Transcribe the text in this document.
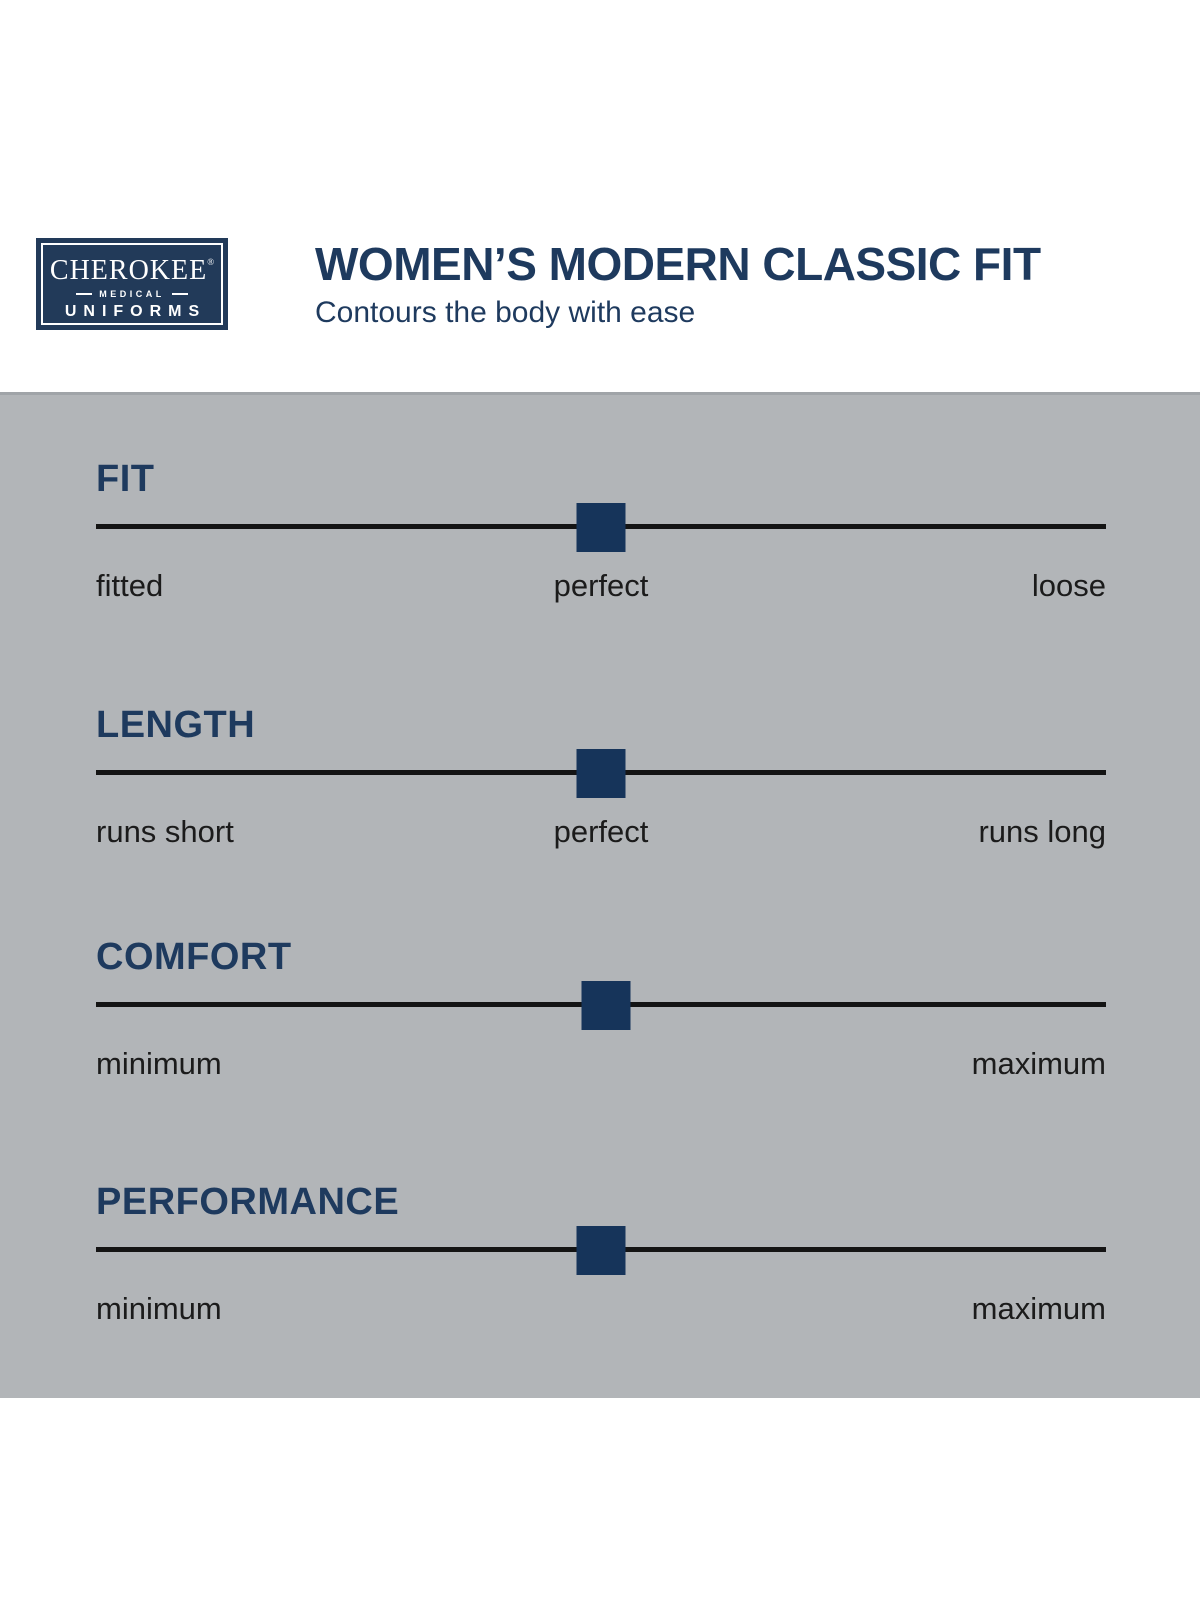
CHEROKEE®
MEDICAL
UNIFORMS
WOMEN’S MODERN CLASSIC FIT
Contours the body with ease
FIT
fitted	perfect	loose
LENGTH
runs short	perfect	runs long
COMFORT
minimum	maximum
PERFORMANCE
minimum	maximum
